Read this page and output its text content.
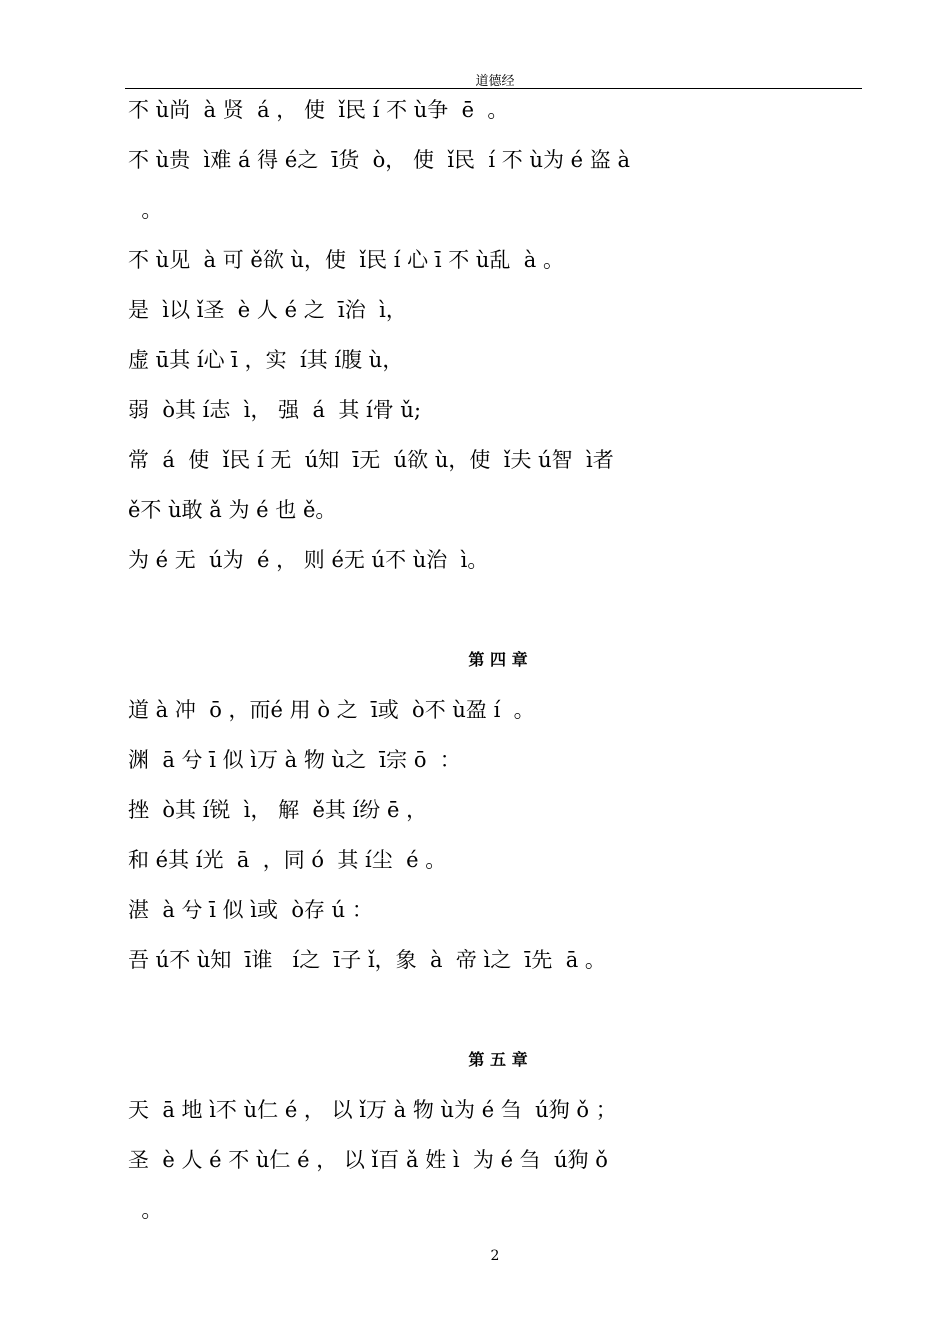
道德经
不 ù尚  à 贤  á ， 使  ǐ民 í 不 ù争  ē  。
不 ù贵  ì难 á 得 é之  ī货  ò， 使  ǐ民  í 不 ù为 é 盗 à
。
不 ù见  à 可 ě欲 ù，使  ǐ民 í 心 ī 不 ù乱  à 。
是  ì以 ǐ圣  è 人 é 之  ī治  ì，
虚 ū其 í心 ī ，实  í其 í腹 ù，
弱  ò其 í志  ì， 强  á  其 í骨 ǔ;
常  á  使  ǐ民 í 无  ú知  ī无  ú欲 ù，使  ǐ夫 ú智  ì者
ě不 ù敢 ǎ 为 é 也 ě。
为 é 无  ú为  é ， 则 é无 ú不 ù治  ì。
第 四 章
道 à 冲  ō ，而é 用 ò 之  ī或  ò不 ù盈 í  。
渊  ā 兮 ī 似 ì万 à 物 ù之  ī宗 ō  ：
挫  ò其 í锐  ì， 解  ě其 í纷 ē ，
和 é其 í光  ā  ，同 ó  其 í尘  é 。
湛  à 兮 ī 似 ì或  ò存 ú ：
吾 ú不 ù知  ī谁   í之  ī子 ǐ，象  à  帝 ì之  ī先  ā 。
第 五 章
天  ā 地 ì不 ù仁 é ， 以 ǐ万 à 物 ù为 é 刍  ú狗 ǒ ；
圣  è 人 é 不 ù仁 é ， 以 ǐ百 ǎ 姓 ì  为 é 刍  ú狗 ǒ
。
2
